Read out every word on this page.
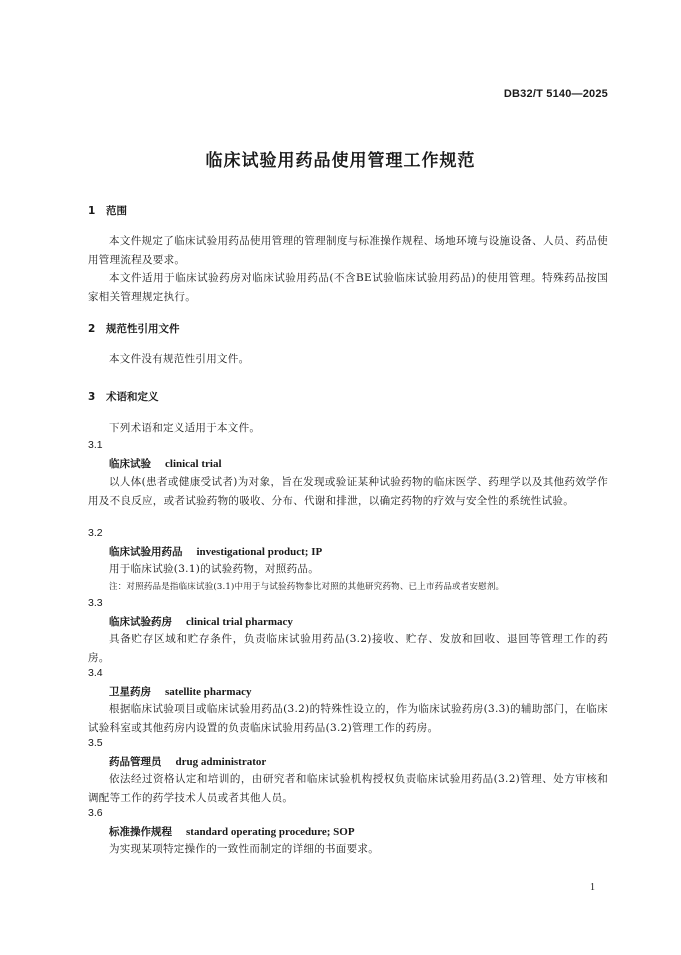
DB32/T 5140—2025
临床试验用药品使用管理工作规范
1 范围

本文件规定了临床试验用药品使用管理的管理制度与标准操作规程、场地环境与设施设备、人员、药品使用管理流程及要求。

本文件适用于临床试验药房对临床试验用药品(不含BE试验临床试验用药品)的使用管理。特殊药品按国家相关管理规定执行。

2 规范性引用文件

本文件没有规范性引用文件。

3 术语和定义
下列术语和定义适用于本文件。
3.1
临床试验 clinical trial

以人体(患者或健康受试者)为对象，旨在发现或验证某种试验药物的临床医学、药理学以及其他药效学作用及不良反应，或者试验药物的吸收、分布、代谢和排泄，以确定药物的疗效与安全性的系统性试验。

3.2
临床试验用药品 investigational product; IP
用于临床试验(3.1)的试验药物，对照药品。
注：对照药品是指临床试验(3.1)中用于与试验药物参比对照的其他研究药物、已上市药品或者安慰剂。
3.3
临床试验药房 clinical trial pharmacy

具备贮存区域和贮存条件，负责临床试验用药品(3.2)接收、贮存、发放和回收、退回等管理工作的药房。

3.4
卫星药房 satellite pharmacy

根据临床试验项目或临床试验用药品(3.2)的特殊性设立的，作为临床试验药房(3.3)的辅助部门，在临床试验科室或其他药房内设置的负责临床试验用药品(3.2)管理工作的药房。

3.5
药品管理员 drug administrator

依法经过资格认定和培训的，由研究者和临床试验机构授权负责临床试验用药品(3.2)管理、处方审核和调配等工作的药学技术人员或者其他人员。

3.6
标准操作规程 standard operating procedure; SOP
为实现某项特定操作的一致性而制定的详细的书面要求。
1
